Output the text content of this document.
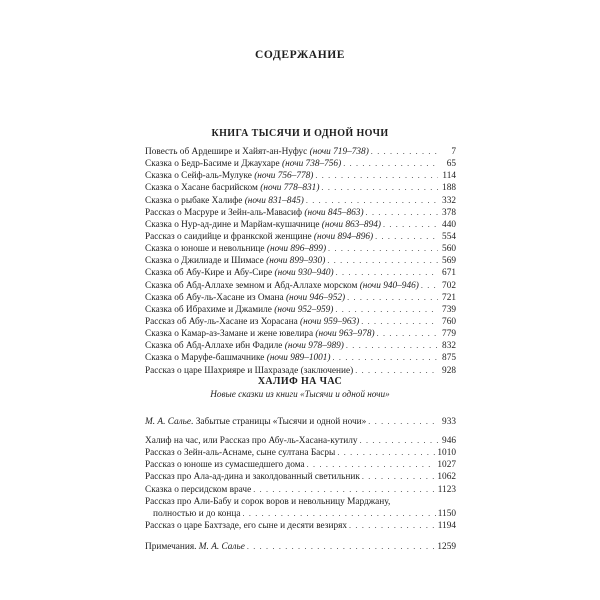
СОДЕРЖАНИЕ
КНИГА ТЫСЯЧИ И ОДНОЙ НОЧИ
Повесть об Ардешире и Хайят-ан-Нуфус (ночи 719–738) . . .	7
Сказка о Бедр-Басиме и Джаухаре (ночи 738–756) . . .	65
Сказка о Сейф-аль-Мулуке (ночи 756–778) . . .	114
Сказка о Хасане басрийском (ночи 778–831) . . .	188
Сказка о рыбаке Халифе (ночи 831–845) . . .	332
Рассказ о Масруре и Зейн-аль-Мавасиф (ночи 845–863) . . .	378
Сказка о Нур-ад-дине и Марйам-кушачнице (ночи 863–894) . . .	440
Рассказ о саидийце и франкской женщине (ночи 894–896) . . .	554
Сказка о юноше и невольнице (ночи 896–899) . . .	560
Сказка о Джилиаде и Шимасе (ночи 899–930) . . .	569
Сказка об Абу-Кире и Абу-Сире (ночи 930–940) . . .	671
Сказка об Абд-Аллахе земном и Абд-Аллахе морском (ночи 940–946) . . . 702
Сказка об Абу-ль-Хасане из Омана (ночи 946–952) . . .	721
Сказка об Ибрахиме и Джамиле (ночи 952–959) . . .	739
Рассказ об Абу-ль-Хасане из Хорасана (ночи 959–963) . . .	760
Сказка о Камар-аз-Замане и жене ювелира (ночи 963–978) . . .	779
Сказка об Абд-Аллахе ибн Фадиле (ночи 978–989) . . .	832
Сказка о Маруфе-башмачнике (ночи 989–1001) . . .	875
Рассказ о царе Шахрияре и Шахразаде (заключение) . . .	928
ХАЛИФ НА ЧАС
Новые сказки из книги «Тысячи и одной ночи»
М. А. Салье. Забытые страницы «Тысячи и одной ночи» . . .	933
Халиф на час, или Рассказ про Абу-ль-Хасана-кутилу . . .	946
Рассказ о Зейн-аль-Аснаме, сыне султана Басры . . .	1010
Рассказ о юноше из сумасшедшего дома . . .	1027
Рассказ про Ала-ад-дина и заколдованный светильник . . .	1062
Сказка о персидском враче . . .	1123
Рассказ про Али-Бабу и сорок воров и невольницу Марджану,
полностью и до конца . . .	1150
Рассказ о царе Бахтзаде, его сыне и десяти везирях . . .	1194
Примечания. М. А. Салье . . .	1259
